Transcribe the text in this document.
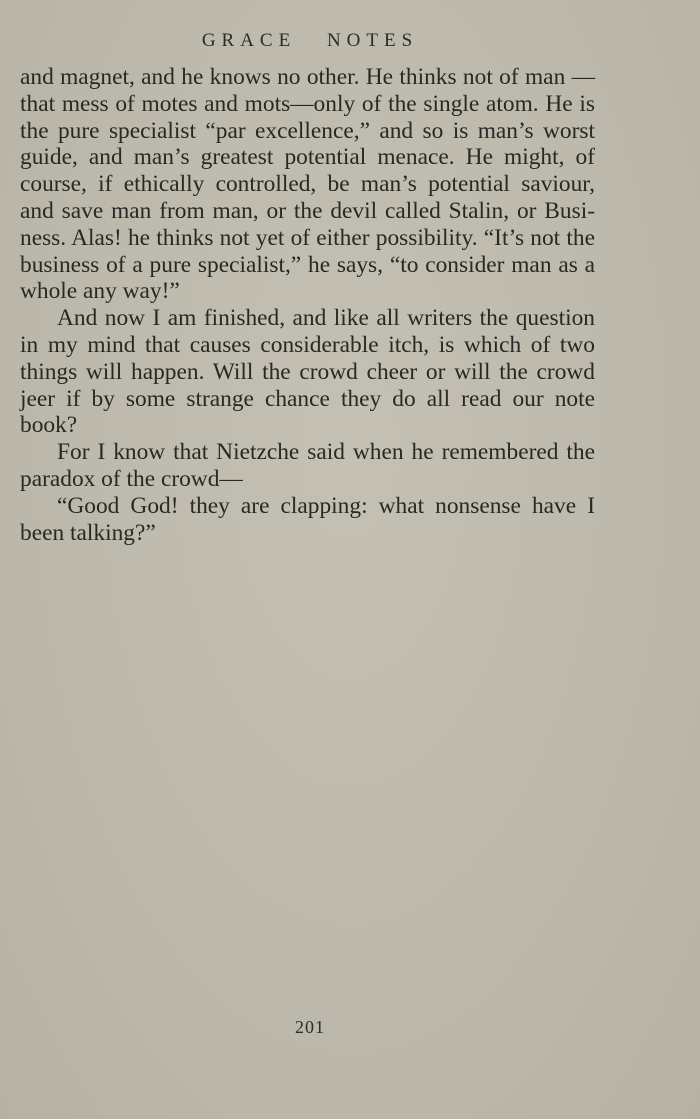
GRACE NOTES

and magnet, and he knows no other. He thinks not of man —that mess of motes and mots—only of the single atom. He is the pure specialist “par excellence,” and so is man’s worst guide, and man’s greatest potential menace. He might, of course, if ethically controlled, be man’s potential saviour, and save man from man, or the devil called Stalin, or Busi- ness. Alas! he thinks not yet of either possibility. “It’s not the business of a pure specialist,” he says, “to consider man as a whole any way!”

And now I am finished, and like all writers the question in my mind that causes considerable itch, is which of two things will happen. Will the crowd cheer or will the crowd jeer if by some strange chance they do all read our note book?

For I know that Nietzche said when he remembered the paradox of the crowd—

“Good God! they are clapping: what nonsense have I been talking?”

201
